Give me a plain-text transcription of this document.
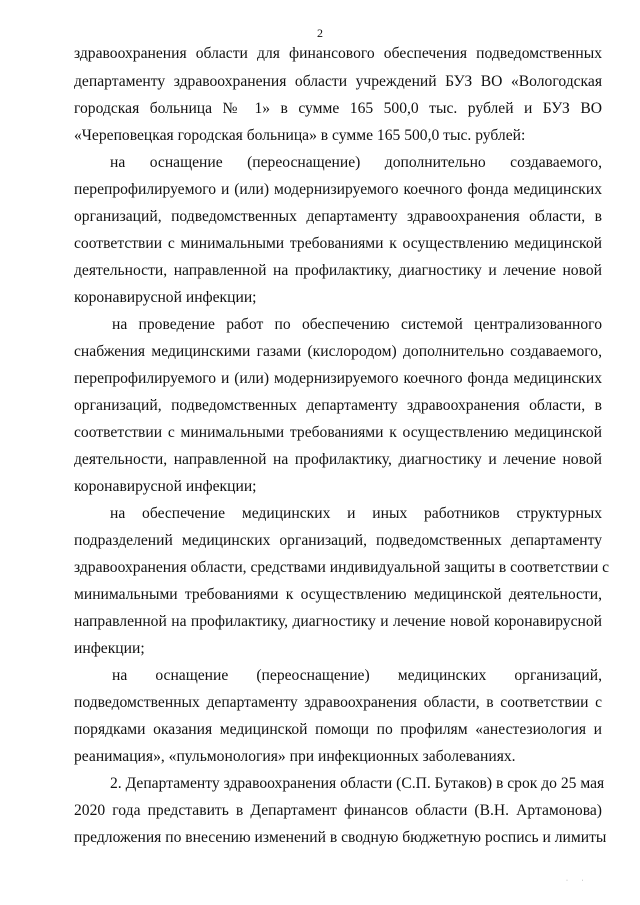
2
здравоохранения области для финансового обеспечения подведомственных
департаменту здравоохранения области учреждений БУЗ ВО «Вологодская
городская больница № 1» в сумме 165 500,0 тыс. рублей и БУЗ ВО
«Череповецкая городская больница» в сумме 165 500,0 тыс. рублей:
на оснащение (переоснащение) дополнительно создаваемого,
перепрофилируемого и (или) модернизируемого коечного фонда медицинских
организаций, подведомственных департаменту здравоохранения области, в
соответствии с минимальными требованиями к осуществлению медицинской
деятельности, направленной на профилактику, диагностику и лечение новой
коронавирусной инфекции;
на проведение работ по обеспечению системой централизованного
снабжения медицинскими газами (кислородом) дополнительно создаваемого,
перепрофилируемого и (или) модернизируемого коечного фонда медицинских
организаций, подведомственных департаменту здравоохранения области, в
соответствии с минимальными требованиями к осуществлению медицинской
деятельности, направленной на профилактику, диагностику и лечение новой
коронавирусной инфекции;
на обеспечение медицинских и иных работников структурных
подразделений медицинских организаций, подведомственных департаменту
здравоохранения области, средствами индивидуальной защиты в соответствии с
минимальными требованиями к осуществлению медицинской деятельности,
направленной на профилактику, диагностику и лечение новой коронавирусной
инфекции;
на оснащение (переоснащение) медицинских организаций,
подведомственных департаменту здравоохранения области, в соответствии с
порядками оказания медицинской помощи по профилям «анестезиология и
реанимация», «пульмонология» при инфекционных заболеваниях.
2. Департаменту здравоохранения области (С.П. Бутаков) в срок до 25 мая
2020 года представить в Департамент финансов области (В.Н. Артамонова)
предложения по внесению изменений в сводную бюджетную роспись и лимиты
· ·
